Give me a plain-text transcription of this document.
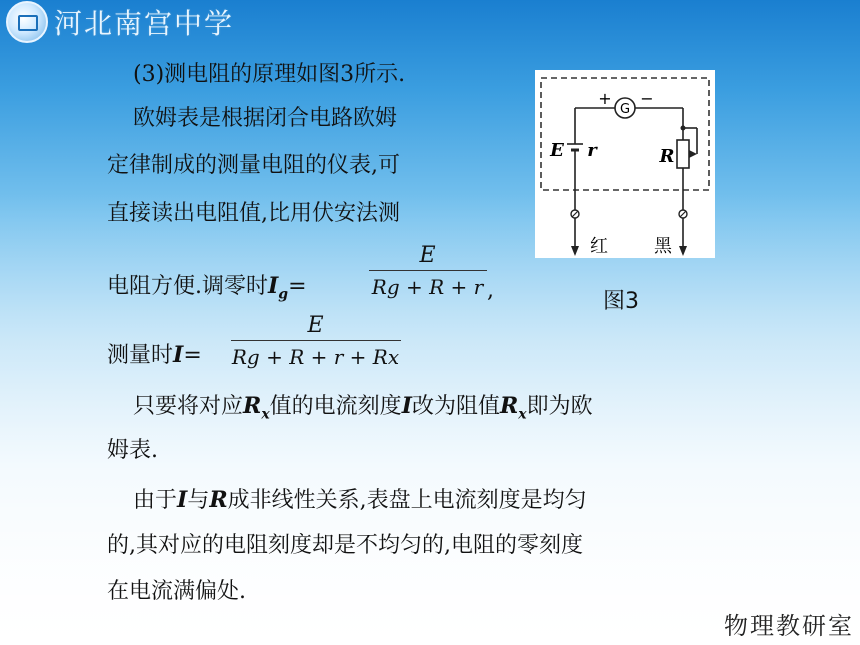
河北南宫中学
(3)测电阻的原理如图3所示.
欧姆表是根据闭合电路欧姆
定律制成的测量电阻的仪表,可
直接读出电阻值,比用伏安法测
电阻方便.调零时$I_g=$
E
Rg + R + r ,
测量时I=
E
Rg + R + r + Rx
只要将对应$R_x$值的电流刻度I改为阻值$R_x$即为欧
姆表.
由于I与R成非线性关系,表盘上电流刻度是均匀
的,其对应的电阻刻度却是不均匀的,电阻的零刻度
在电流满偏处.
G
+ −
E r	R
红	黑
图3
物理教研室
